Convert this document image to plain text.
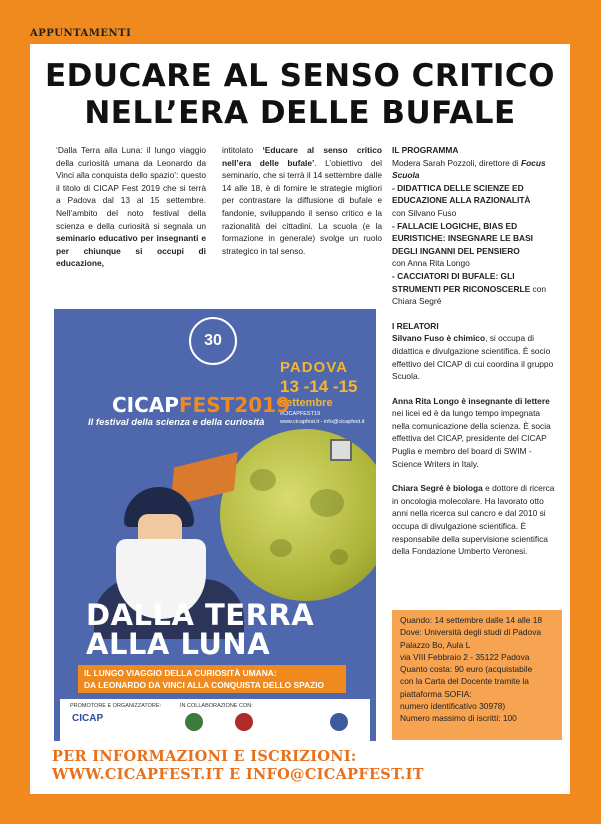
APPUNTAMENTI
EDUCARE AL SENSO CRITICO
NELL’ERA DELLE BUFALE

‘Dalla Terra alla Luna: il lungo viaggio della curiosità umana da Leonardo da Vinci alla conquista dello spazio’: questo il titolo di CICAP Fest 2019 che si terrà a Padova dal 13 al 15 settembre. Nell’ambito del noto festival della scienza e della curiosità si segnala un seminario educativo per insegnanti e per chiunque si occupi di educazione,

intitolato ‘Educare al senso critico nell’era delle bufale’. L’obiettivo del seminario, che si terrà il 14 settembre dalle 14 alle 18, è di fornire le strategie migliori per contrastare la diffusione di bufale e fandonie, sviluppando il senso critico e la razionalità dei cittadini. La scuola (e la formazione in generale) svolge un ruolo strategico in tal senso.

IL PROGRAMMA

Modera Sarah Pozzoli, direttore di Focus Scuola

- DIDATTICA DELLE SCIENZE ED EDUCAZIONE ALLA RAZIONALITÀ

con Silvano Fuso

- FALLACIE LOGICHE, BIAS ED EURISTICHE: INSEGNARE LE BASI DEGLI INGANNI DEL PENSIERO

con Anna Rita Longo

- CACCIATORI DI BUFALE: GLI STRUMENTI PER RICONOSCERLE con Chiara Segré

I RELATORI

Silvano Fuso è chimico, si occupa di didattica e divulgazione scientifica. È socio effettivo del CICAP di cui coordina il gruppo Scuola.

Anna Rita Longo è insegnante di lettere nei licei ed è da lungo tempo impegnata nella comunicazione della scienza. È socia effettiva del CICAP, presidente del CICAP Puglia e membro del board di SWIM - Science Writers in Italy.

Chiara Segré è biologa e dottore di ricerca in oncologia molecolare. Ha lavorato otto anni nella ricerca sul cancro e dal 2010 si occupa di divulgazione scientifica. È responsabile della supervisione scientifica della Fondazione Umberto Veronesi.

Quando: 14 settembre dalle 14 alle 18

Dove: Università degli studi di Padova

Palazzo Bo, Aula L

via VIII Febbraio 2 - 35122 Padova

Quanto costa: 90 euro (acquistabile

con la Carta del Docente tramite la

piattaforma SOFIA:

numero identificativo 30978)

Numero massimo di iscritti: 100

30
PADOVA
13 -14 -15
settembre
#CICAPFEST19
www.cicapfest.it - info@cicapfest.it
CICAPFEST2019
Il festival della scienza e della curiosità
DALLA TERRA
ALLA LUNA
IL LUNGO VIAGGIO DELLA CURIOSITÀ UMANA:
DA LEONARDO DA VINCI ALLA CONQUISTA DELLO SPAZIO
PROMOTORE E ORGANIZZATORE:	IN COLLABORAZIONE CON:
CICAP
PER INFORMAZIONI E ISCRIZIONI:
WWW.CICAPFEST.IT E INFO@CICAPFEST.IT
